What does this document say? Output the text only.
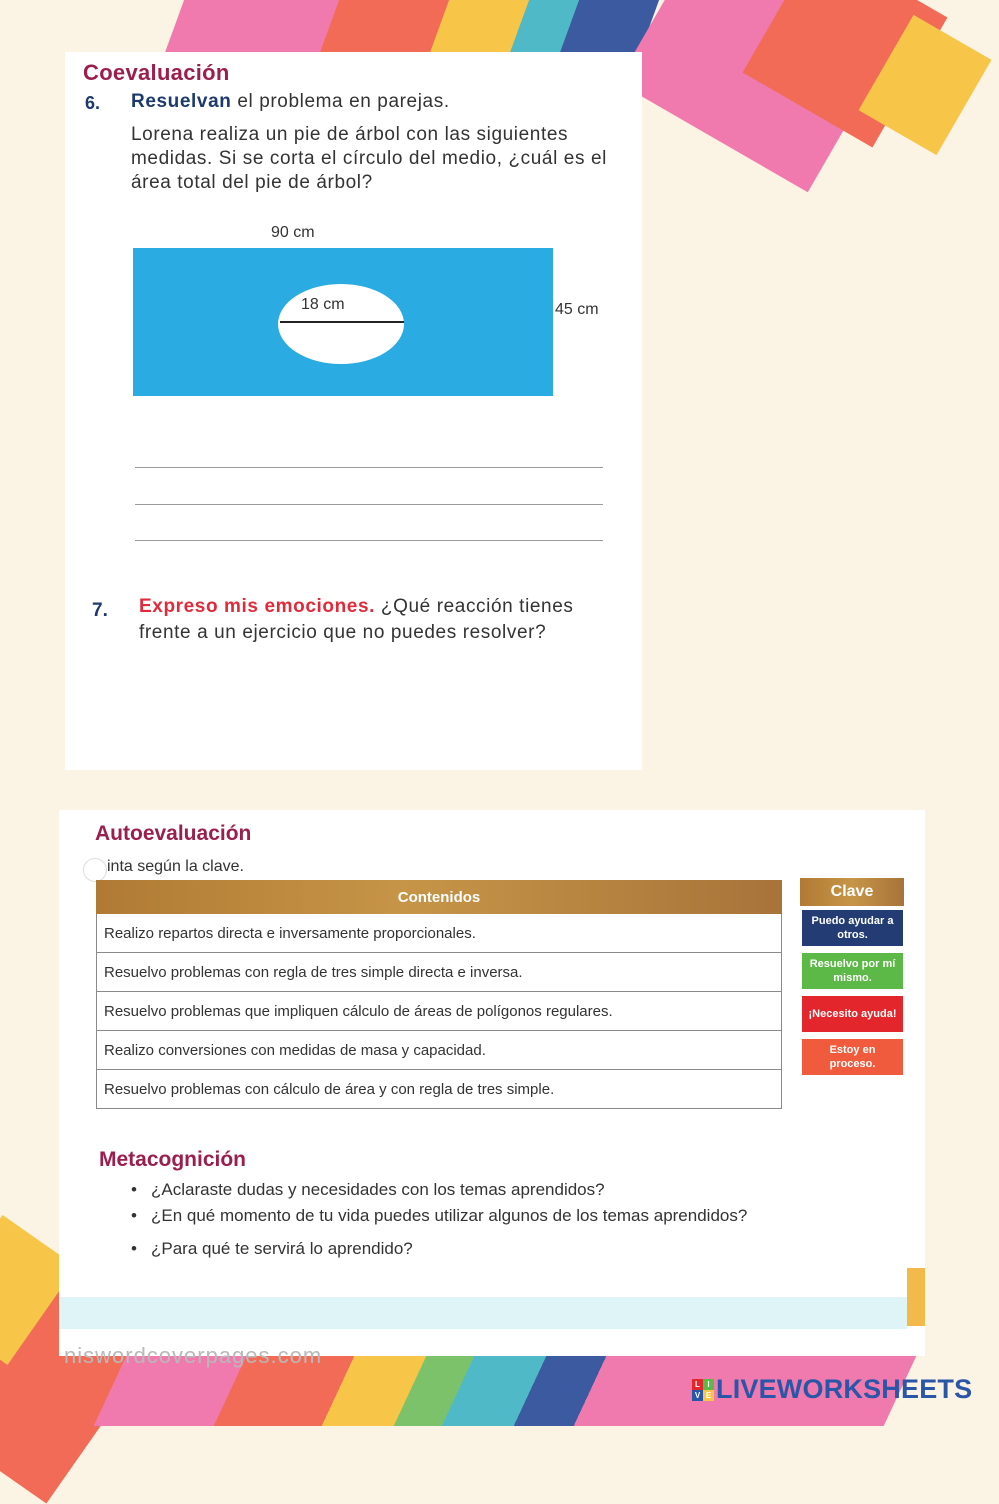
Coevaluación
6. Resuelvan el problema en parejas.
Lorena realiza un pie de árbol con las siguientes medidas. Si se corta el círculo del medio, ¿cuál es el área total del pie de árbol?
90 cm
18 cm	45 cm
7. Expreso mis emociones. ¿Qué reacción tienes frente a un ejercicio que no puedes resolver?
Autoevaluación
inta según la clave.
Contenidos
Realizo repartos directa e inversamente proporcionales.
Resuelvo problemas con regla de tres simple directa e inversa.
Resuelvo problemas que impliquen cálculo de áreas de polígonos regulares.
Realizo conversiones con medidas de masa y capacidad.
Resuelvo problemas con cálculo de área y con regla de tres simple.
Clave
Puedo ayudar a otros.
Resuelvo por mí mismo.
¡Necesito ayuda!
Estoy en proceso.
Metacognición
• ¿Aclaraste dudas y necesidades con los temas aprendidos?
• ¿En qué momento de tu vida puedes utilizar algunos de los temas aprendidos?
• ¿Para qué te servirá lo aprendido?
niswordcoverpages.com
L I
V E LIVEWORKSHEETS
